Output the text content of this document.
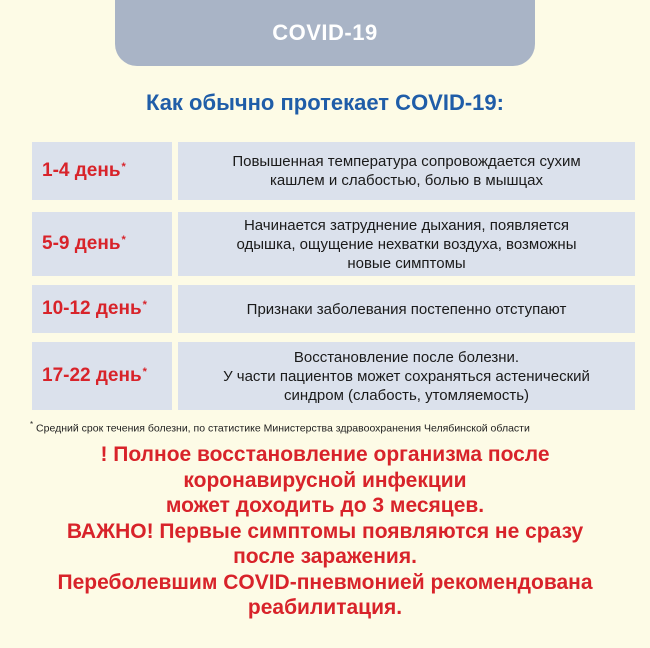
COVID-19
Как обычно протекает COVID-19:
1-4 день*	Повышенная температура сопровождается сухим
кашлем и слабостью, болью в мышцах
5-9 день*
Начинается затруднение дыхания, появляется
одышка, ощущение нехватки воздуха, возможны
новые симптомы
10-12 день*	Признаки заболевания постепенно отступают
17-22 день*
Восстановление после болезни.
У части пациентов может сохраняться астенический
синдром (слабость, утомляемость)
* Средний срок течения болезни, по статистике Министерства здравоохранения Челябинской области
! Полное восстановление организма после
коронавирусной инфекции
может доходить до 3 месяцев.
ВАЖНО! Первые симптомы появляются не сразу
после заражения.
Переболевшим COVID-пневмонией рекомендована
реабилитация.
